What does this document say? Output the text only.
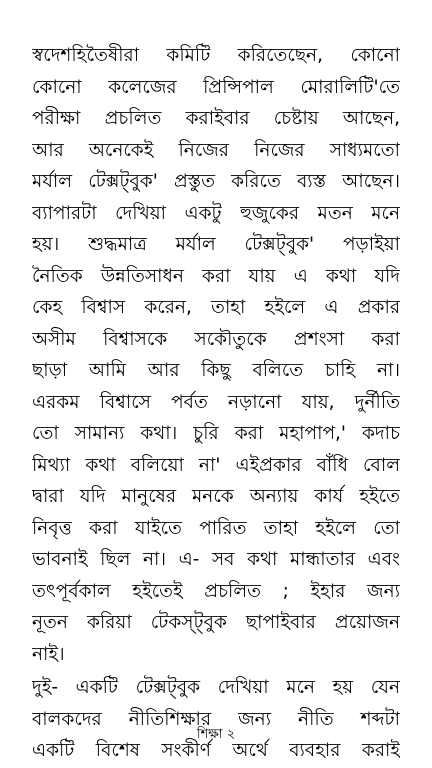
স্বদেশহিতৈষীরা কমিটি করিতেছেন, কোনো
কোনো কলেজের প্রিন্সিপাল মোরালিটি'তে
পরীক্ষা প্রচলিত করাইবার চেষ্টায় আছেন,
আর অনেকেই নিজের নিজের সাধ্যমতো
মর্যাল টেক্সট্‌বুক' প্রস্তুত করিতে ব্যস্ত আছেন।
ব্যাপারটা দেখিয়া একটু হুজুকের মতন মনে
হয়। শুদ্ধমাত্র মর্যাল টেক্সট্‌বুক' পড়াইয়া
নৈতিক উন্নতিসাধন করা যায় এ কথা যদি
কেহ বিশ্বাস করেন, তাহা হইলে এ প্রকার
অসীম বিশ্বাসকে সকৌতুকে প্রশংসা করা
ছাড়া আমি আর কিছু বলিতে চাহি না।
এরকম বিশ্বাসে পর্বত নড়ানো যায়, দুর্নীতি
তো সামান্য কথা। চুরি করা মহাপাপ,' কদাচ
মিথ্যা কথা বলিয়ো না' এইপ্রকার বাঁধি বোল
দ্বারা যদি মানুষের মনকে অন্যায় কার্য হইতে
নিবৃত্ত করা যাইতে পারিত তাহা হইলে তো
ভাবনাই ছিল না। এ- সব কথা মান্ধাতার এবং
তৎপূর্বকাল হইতেই প্রচলিত ; ইহার জন্য
নূতন করিয়া টেকস্‌ট্‌বুক ছাপাইবার প্রয়োজন
নাই।
দুই- একটি টেক্সট্‌বুক দেখিয়া মনে হয় যেন
বালকদের নীতিশিক্ষার জন্য নীতি শব্দটা
একটি বিশেষ সংকীর্ণ অর্থে ব্যবহার করাই
শিক্ষা ২
